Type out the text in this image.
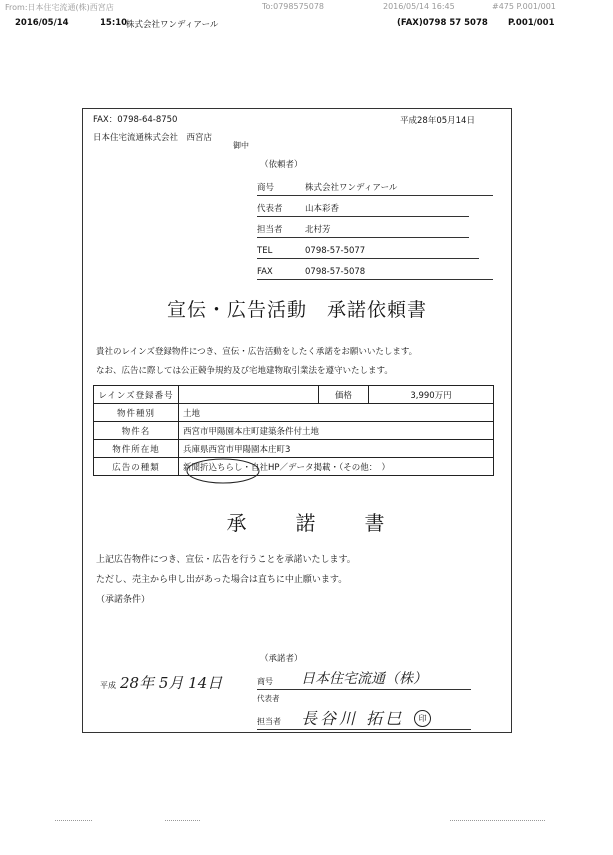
From:日本住宅流通(株)西宮店	To:0798575078	2016/05/14 16:45	#475 P.001/001
2016/05/14	15:10
株式会社ワンディアール	(FAX)0798 57 5078 P.001/001
FAX：0798-64-8750	平成28年05月14日
日本住宅流通株式会社　西宮店
御中
（依頼者）
商号	株式会社ワンディアール
代表者	山本彩香
担当者	北村芳
TEL	0798-57-5077
FAX	0798-57-5078
宣伝・広告活動　承諾依頼書
貴社のレインズ登録物件につき、宣伝・広告活動をしたく承諾をお願いいたします。
なお、広告に際しては公正競争規約及び宅地建物取引業法を遵守いたします。
レインズ登録番号		価格	3,990万円
物件種別	土地		
物件名	西宮市甲陽園本庄町建築条件付土地		
物件所在地	兵庫県西宮市甲陽園本庄町3		
広告の種類	新聞折込ちらし・自社HP／データ掲載・（その他：　）		
承　　諾　　書
上記広告物件につき、宣伝・広告を行うことを承諾いたします。
ただし、売主から申し出があった場合は直ちに中止願います。
（承諾条件）
平成 28年 5月 14日
（承諾者）
商号	日本住宅流通（株）
代表者
担当者	長谷川 拓巳	印
